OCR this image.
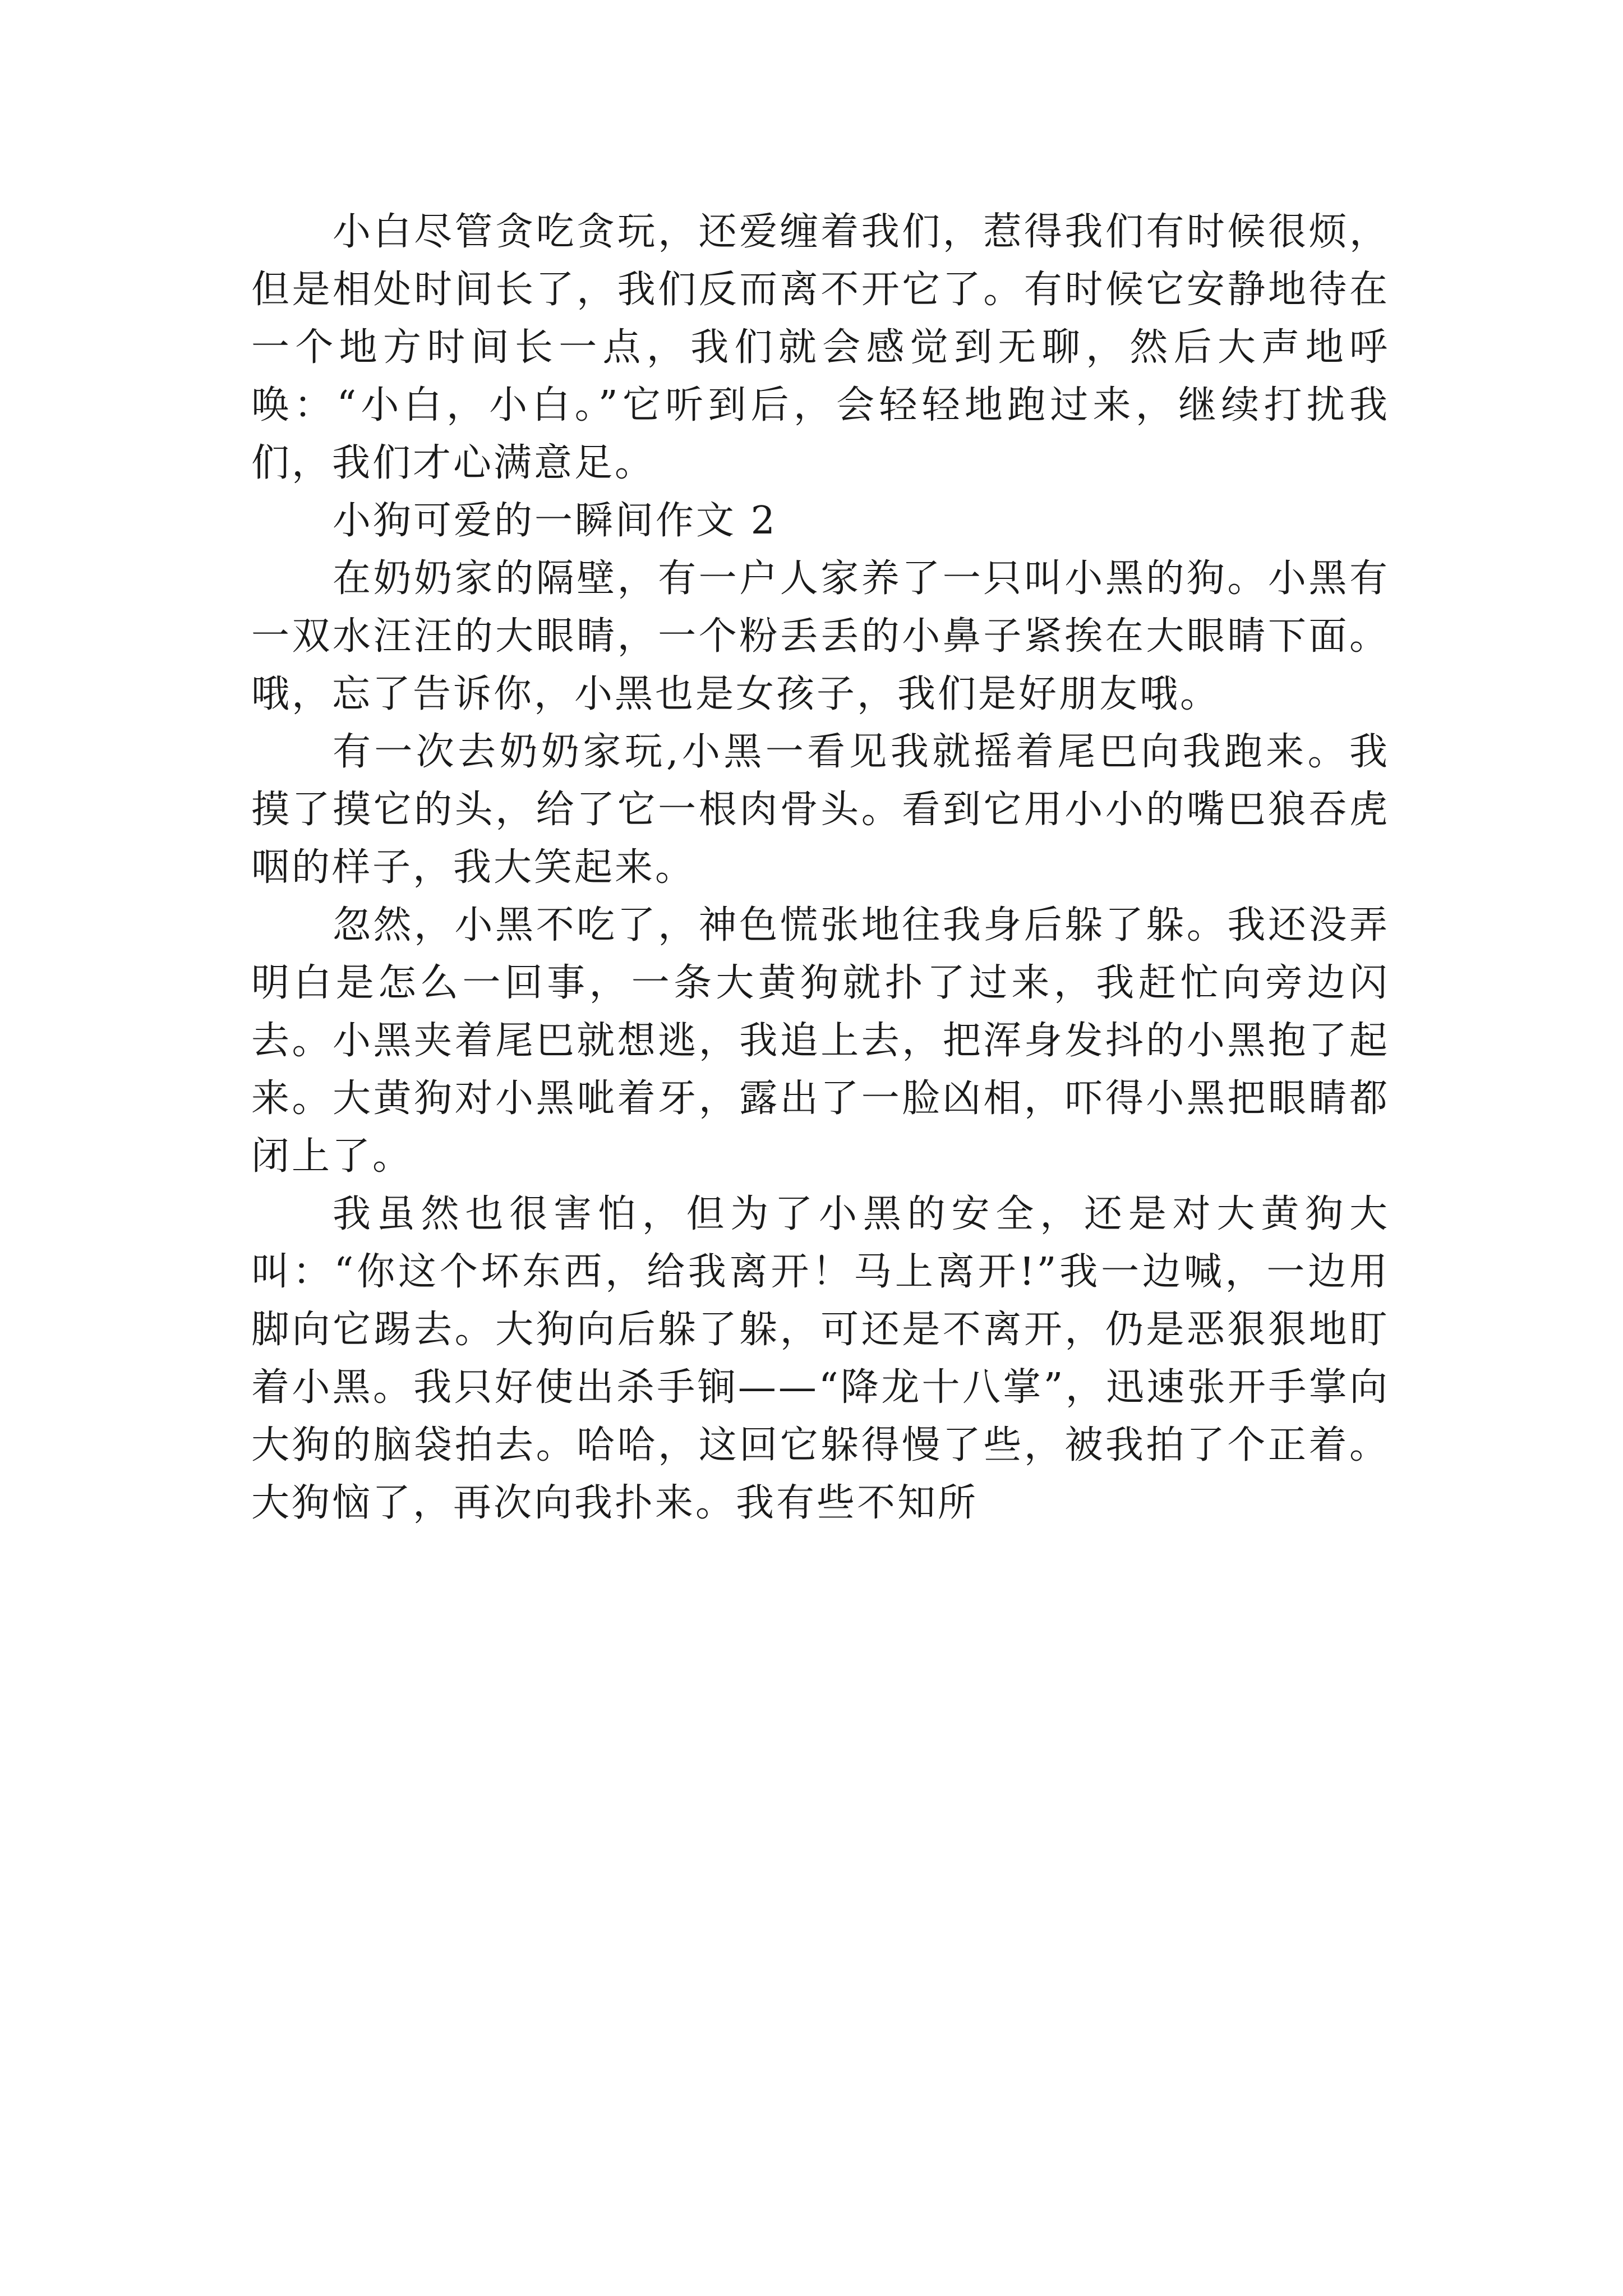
小白尽管贪吃贪玩，还爱缠着我们，惹得我们有时候很烦，但是相处时间长了，我们反而离不开它了。有时候它安静地待在一个地方时间长一点，我们就会感觉到无聊，然后大声地呼唤：“小白，小白。”它听到后，会轻轻地跑过来，继续打扰我们，我们才心满意足。

小狗可爱的一瞬间作文 2

在奶奶家的隔壁，有一户人家养了一只叫小黑的狗。小黑有一双水汪汪的大眼睛，一个粉丢丢的小鼻子紧挨在大眼睛下面。哦，忘了告诉你，小黑也是女孩子，我们是好朋友哦。

有一次去奶奶家玩,小黑一看见我就摇着尾巴向我跑来。我摸了摸它的头，给了它一根肉骨头。看到它用小小的嘴巴狼吞虎咽的样子，我大笑起来。

忽然，小黑不吃了，神色慌张地往我身后躲了躲。我还没弄明白是怎么一回事，一条大黄狗就扑了过来，我赶忙向旁边闪去。小黑夹着尾巴就想逃，我追上去，把浑身发抖的小黑抱了起来。大黄狗对小黑呲着牙，露出了一脸凶相，吓得小黑把眼睛都闭上了。

我虽然也很害怕，但为了小黑的安全，还是对大黄狗大叫：“你这个坏东西，给我离开！马上离开!”我一边喊，一边用脚向它踢去。大狗向后躲了躲，可还是不离开，仍是恶狠狠地盯着小黑。我只好使出杀手锏——“降龙十八掌”，迅速张开手掌向大狗的脑袋拍去。哈哈，这回它躲得慢了些，被我拍了个正着。大狗恼了，再次向我扑来。我有些不知所
